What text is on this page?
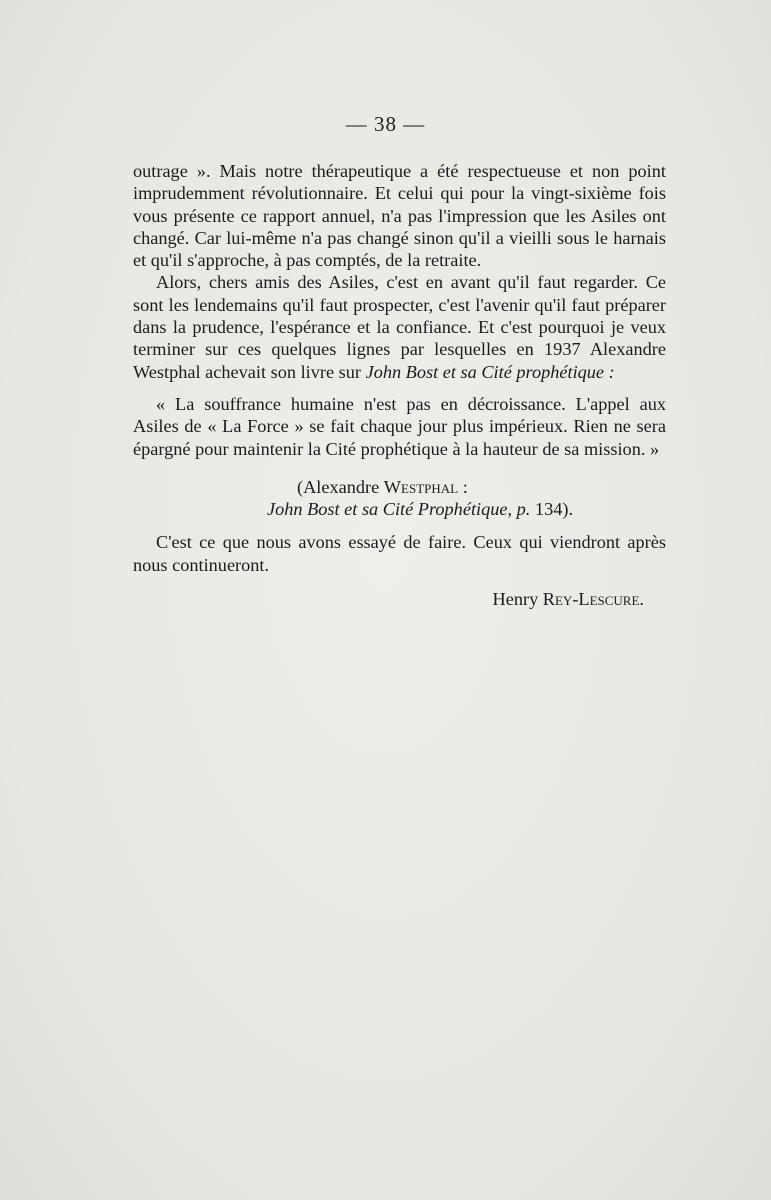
— 38 —

outrage ». Mais notre thérapeutique a été respectueuse et non point imprudemment révolutionnaire. Et celui qui pour la vingt-sixième fois vous présente ce rapport annuel, n'a pas l'impression que les Asiles ont changé. Car lui-même n'a pas changé sinon qu'il a vieilli sous le harnais et qu'il s'approche, à pas comptés, de la retraite.

Alors, chers amis des Asiles, c'est en avant qu'il faut regarder. Ce sont les lendemains qu'il faut prospecter, c'est l'avenir qu'il faut préparer dans la prudence, l'espérance et la confiance. Et c'est pourquoi je veux terminer sur ces quelques lignes par lesquelles en 1937 Alexandre Westphal achevait son livre sur John Bost et sa Cité prophétique :

« La souffrance humaine n'est pas en décroissance. L'appel aux Asiles de « La Force » se fait chaque jour plus impérieux. Rien ne sera épargné pour maintenir la Cité prophétique à la hauteur de sa mission. »

(Alexandre Westphal :
John Bost et sa Cité Prophétique, p. 134).

C'est ce que nous avons essayé de faire. Ceux qui viendront après nous continueront.

Henry Rey-Lescure.
